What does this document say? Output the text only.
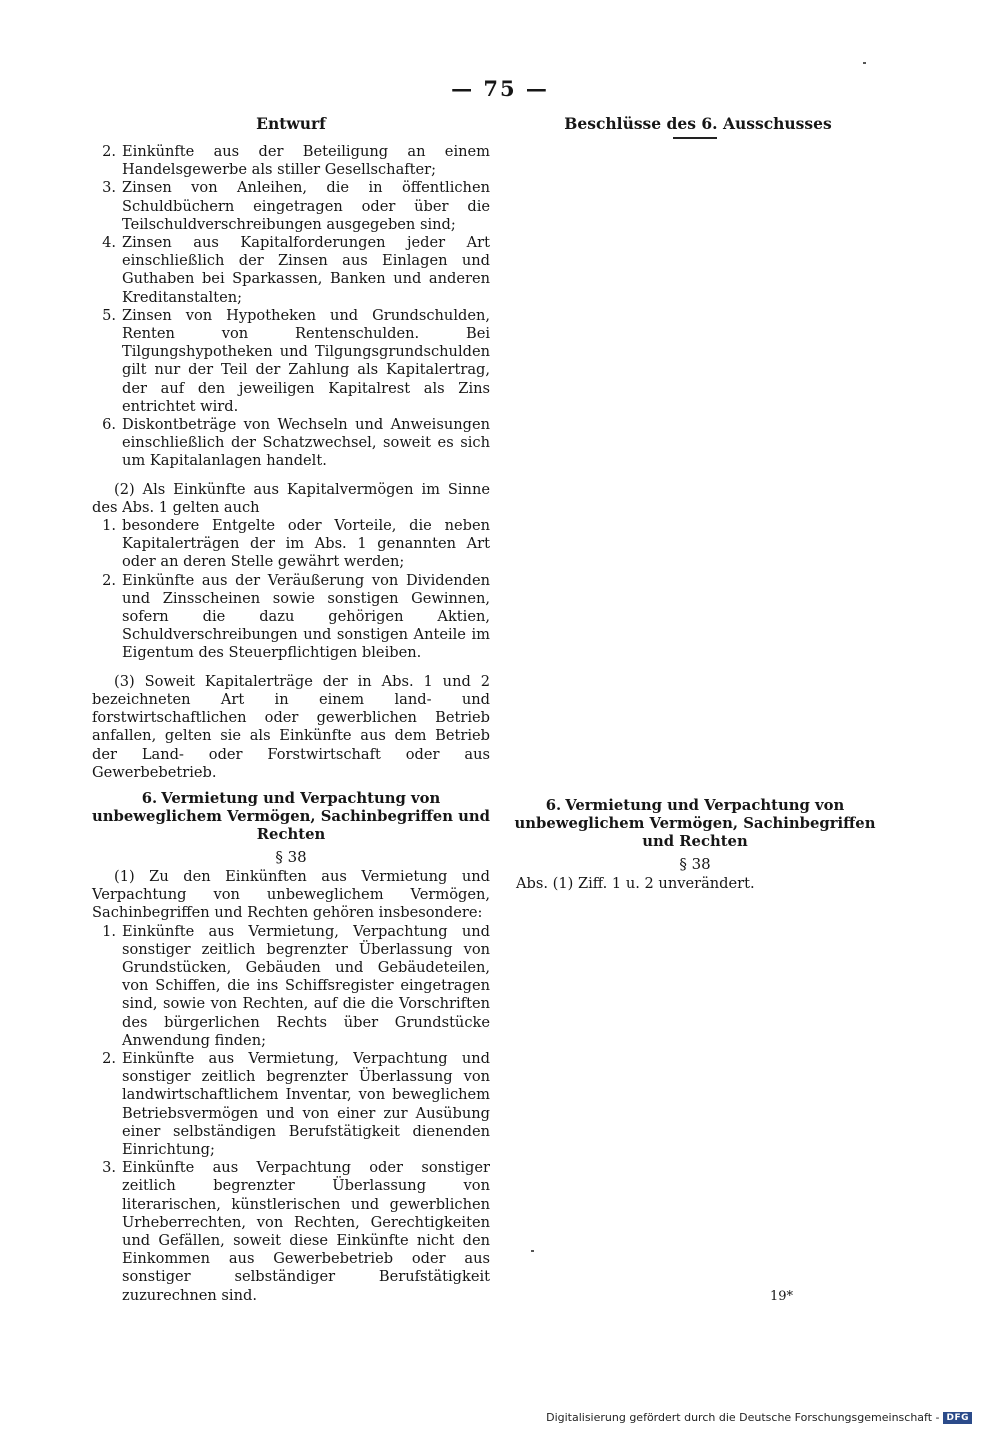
— 75 —
Entwurf
2. Einkünfte aus der Beteiligung an einem Handelsgewerbe als stiller Gesellschafter;
3. Zinsen von Anleihen, die in öffentlichen Schuldbüchern eingetragen oder über die Teilschuldverschreibungen ausgegeben sind;
4. Zinsen aus Kapitalforderungen jeder Art einschließlich der Zinsen aus Einlagen und Guthaben bei Sparkassen, Banken und anderen Kreditanstalten;
5. Zinsen von Hypotheken und Grundschulden, Renten von Rentenschulden. Bei Tilgungshypotheken und Tilgungsgrundschulden gilt nur der Teil der Zahlung als Kapitalertrag, der auf den jeweiligen Kapitalrest als Zins entrichtet wird.
6. Diskontbeträge von Wechseln und Anweisungen einschließlich der Schatzwechsel, soweit es sich um Kapitalanlagen handelt.
(2) Als Einkünfte aus Kapitalvermögen im Sinne des Abs. 1 gelten auch
1. besondere Entgelte oder Vorteile, die neben Kapitalerträgen der im Abs. 1 genannten Art oder an deren Stelle gewährt werden;
2. Einkünfte aus der Veräußerung von Dividenden und Zinsscheinen sowie sonstigen Gewinnen, sofern die dazu gehörigen Aktien, Schuldverschreibungen und sonstigen Anteile im Eigentum des Steuerpflichtigen bleiben.
(3) Soweit Kapitalerträge der in Abs. 1 und 2 bezeichneten Art in einem land- und forstwirtschaftlichen oder gewerblichen Betrieb anfallen, gelten sie als Einkünfte aus dem Betrieb der Land- oder Forstwirtschaft oder aus Gewerbebetrieb.
Beschlüsse des 6. Ausschusses
6. Vermietung und Verpachtung von unbeweglichem Vermögen, Sachinbegriffen und Rechten
§ 38
(1) Zu den Einkünften aus Vermietung und Verpachtung von unbeweglichem Vermögen, Sachinbegriffen und Rechten gehören insbesondere:
1. Einkünfte aus Vermietung, Verpachtung und sonstiger zeitlich begrenzter Überlassung von Grundstücken, Gebäuden und Gebäudeteilen, von Schiffen, die ins Schiffsregister eingetragen sind, sowie von Rechten, auf die die Vorschriften des bürgerlichen Rechts über Grundstücke Anwendung finden;
2. Einkünfte aus Vermietung, Verpachtung und sonstiger zeitlich begrenzter Überlassung von landwirtschaftlichem Inventar, von beweglichem Betriebsvermögen und von einer zur Ausübung einer selbständigen Berufstätigkeit dienenden Einrichtung;
3. Einkünfte aus Verpachtung oder sonstiger zeitlich begrenzter Überlassung von literarischen, künstlerischen und gewerblichen Urheberrechten, von Rechten, Gerechtigkeiten und Gefällen, soweit diese Einkünfte nicht den Einkommen aus Gewerbebetrieb oder aus sonstiger selbständiger Berufstätigkeit zuzurechnen sind.
6. Vermietung und Verpachtung von unbeweglichem Vermögen, Sachinbegriffen und Rechten
§ 38
Abs. (1) Ziff. 1 u. 2 unverändert.
19*
Digitalisierung gefördert durch die Deutsche Forschungsgemeinschaft - DFG
